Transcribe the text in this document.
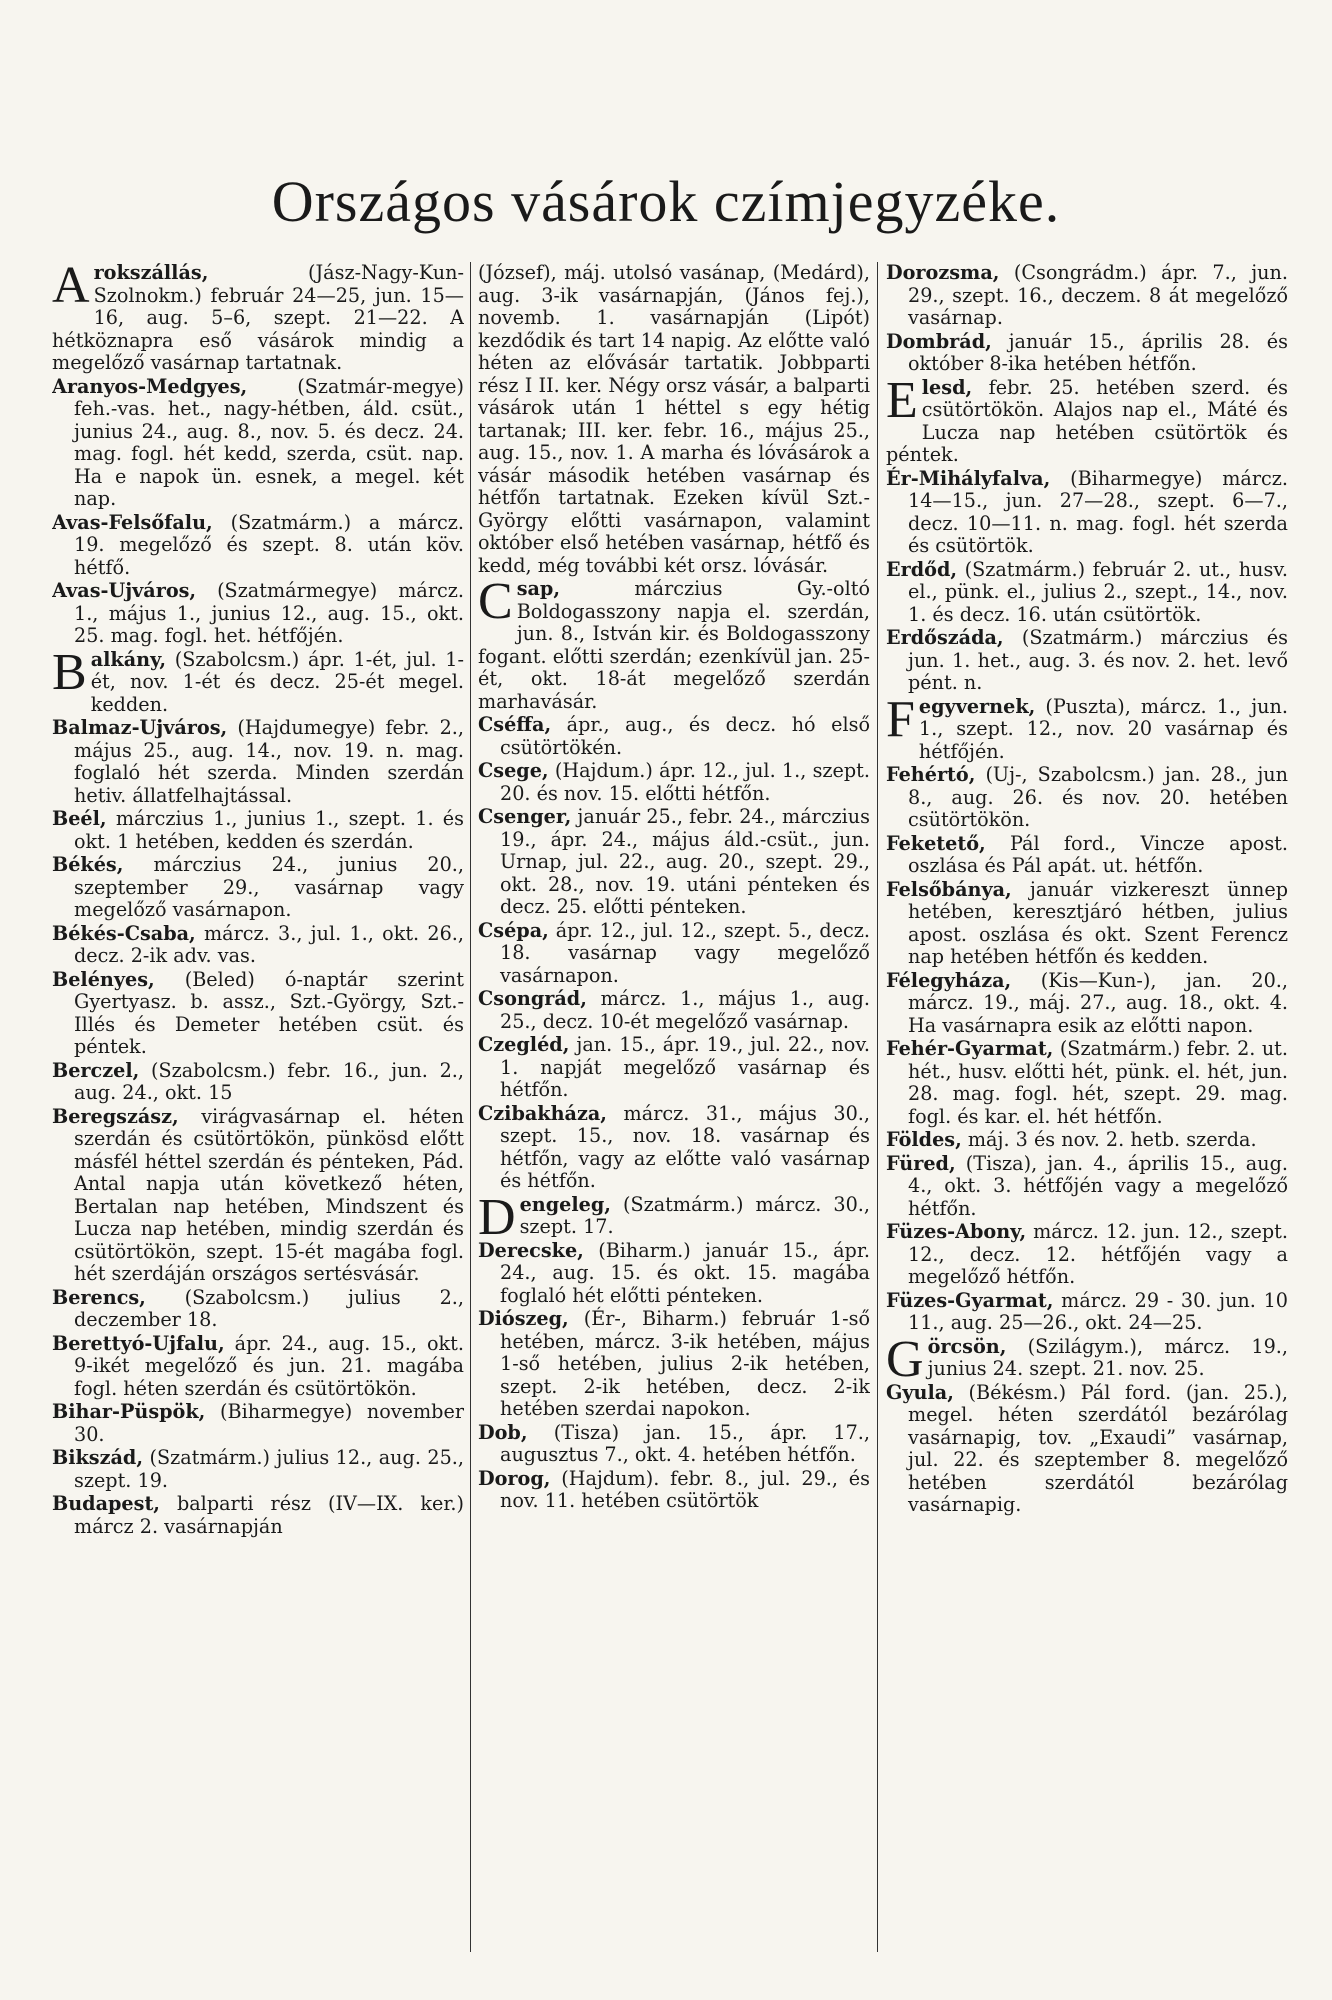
Országos vásárok czímjegyzéke.

Arokszállás, (Jász-Nagy-Kun-Szolnokm.) február 24—25, jun. 15—16, aug. 5–6, szept. 21—22. A hétköznapra eső vásárok mindig a megelőző vasárnap tartatnak.

Aranyos-Medgyes, (Szatmár-megye) feh.-vas. het., nagy-hétben, áld. csüt., junius 24., aug. 8., nov. 5. és decz. 24. mag. fogl. hét kedd, szerda, csüt. nap. Ha e napok ün. esnek, a megel. két nap.

Avas-Felsőfalu, (Szatmárm.) a márcz. 19. megelőző és szept. 8. után köv. hétfő.

Avas-Ujváros, (Szatmármegye) márcz. 1., május 1., junius 12., aug. 15., okt. 25. mag. fogl. het. hétfőjén.

Balkány, (Szabolcsm.) ápr. 1-ét, jul. 1-ét, nov. 1-ét és decz. 25-ét megel. kedden.

Balmaz-Ujváros, (Hajdumegye) febr. 2., május 25., aug. 14., nov. 19. n. mag. foglaló hét szerda. Minden szerdán hetiv. állatfelhajtással.

Beél, márczius 1., junius 1., szept. 1. és okt. 1 hetében, kedden és szerdán.

Békés, márczius 24., junius 20., szeptember 29., vasárnap vagy megelőző vasárnapon.

Békés-Csaba, márcz. 3., jul. 1., okt. 26., decz. 2-ik adv. vas.

Belényes, (Beled) ó-naptár szerint Gyertyasz. b. assz., Szt.-György, Szt.-Illés és Demeter hetében csüt. és péntek.

Berczel, (Szabolcsm.) febr. 16., jun. 2., aug. 24., okt. 15

Beregszász, virágvasárnap el. héten szerdán és csütörtökön, pünkösd előtt másfél héttel szerdán és pénteken, Pád. Antal napja után következő héten, Bertalan nap hetében, Mindszent és Lucza nap hetében, mindig szerdán és csütörtökön, szept. 15-ét magába fogl. hét szerdáján országos sertésvásár.

Berencs, (Szabolcsm.) julius 2., deczember 18.

Berettyó-Ujfalu, ápr. 24., aug. 15., okt. 9-ikét megelőző és jun. 21. magába fogl. héten szerdán és csütörtökön.

Bihar-Püspök, (Biharmegye) november 30.

Bikszád, (Szatmárm.) julius 12., aug. 25., szept. 19.

Budapest, balparti rész (IV—IX. ker.) márcz 2. vasárnapján

(József), máj. utolsó vasánap, (Medárd), aug. 3-ik vasárnapján, (János fej.), novemb. 1. vasárnapján (Lipót) kezdődik és tart 14 napig. Az előtte való héten az elővásár tartatik. Jobbparti rész I II. ker. Négy orsz vásár, a balparti vásárok után 1 héttel s egy hétig tartanak; III. ker. febr. 16., május 25., aug. 15., nov. 1. A marha és lóvásárok a vásár második hetében vasárnap és hétfőn tartatnak. Ezeken kívül Szt.-György előtti vasárnapon, valamint október első hetében vasárnap, hétfő és kedd, még további két orsz. lóvásár.

Csap, márczius Gy.-oltó Boldogasszony napja el. szerdán, jun. 8., István kir. és Boldogasszony fogant. előtti szerdán; ezenkívül jan. 25-ét, okt. 18-át megelőző szerdán marhavásár.

Cséffa, ápr., aug., és decz. hó első csütörtökén.

Csege, (Hajdum.) ápr. 12., jul. 1., szept. 20. és nov. 15. előtti hétfőn.

Csenger, január 25., febr. 24., márczius 19., ápr. 24., május áld.-csüt., jun. Urnap, jul. 22., aug. 20., szept. 29., okt. 28., nov. 19. utáni pénteken és decz. 25. előtti pénteken.

Csépa, ápr. 12., jul. 12., szept. 5., decz. 18. vasárnap vagy megelőző vasárnapon.

Csongrád, márcz. 1., május 1., aug. 25., decz. 10-ét megelőző vasárnap.

Czegléd, jan. 15., ápr. 19., jul. 22., nov. 1. napját megelőző vasárnap és hétfőn.

Czibakháza, márcz. 31., május 30., szept. 15., nov. 18. vasárnap és hétfőn, vagy az előtte való vasárnap és hétfőn.

Dengeleg, (Szatmárm.) márcz. 30., szept. 17.

Derecske, (Biharm.) január 15., ápr. 24., aug. 15. és okt. 15. magába foglaló hét előtti pénteken.

Diószeg, (Ér-, Biharm.) február 1-ső hetében, márcz. 3-ik hetében, május 1-ső hetében, julius 2-ik hetében, szept. 2-ik hetében, decz. 2-ik hetében szerdai napokon.

Dob, (Tisza) jan. 15., ápr. 17., augusztus 7., okt. 4. hetében hétfőn.

Dorog, (Hajdum). febr. 8., jul. 29., és nov. 11. hetében csütörtök

Dorozsma, (Csongrádm.) ápr. 7., jun. 29., szept. 16., deczem. 8 át megelőző vasárnap.

Dombrád, január 15., április 28. és október 8-ika hetében hétfőn.

Elesd, febr. 25. hetében szerd. és csütörtökön. Alajos nap el., Máté és Lucza nap hetében csütörtök és péntek.

Ér-Mihályfalva, (Biharmegye) márcz. 14—15., jun. 27—28., szept. 6—7., decz. 10—11. n. mag. fogl. hét szerda és csütörtök.

Erdőd, (Szatmárm.) február 2. ut., husv. el., pünk. el., julius 2., szept., 14., nov. 1. és decz. 16. után csütörtök.

Erdőszáda, (Szatmárm.) márczius és jun. 1. het., aug. 3. és nov. 2. het. levő pént. n.

Fegyvernek, (Puszta), márcz. 1., jun. 1., szept. 12., nov. 20 vasárnap és hétfőjén.

Fehértó, (Uj-, Szabolcsm.) jan. 28., jun 8., aug. 26. és nov. 20. hetében csütörtökön.

Feketető, Pál ford., Vincze apost. oszlása és Pál apát. ut. hétfőn.

Felsőbánya, január vizkereszt ünnep hetében, keresztjáró hétben, julius apost. oszlása és okt. Szent Ferencz nap hetében hétfőn és kedden.

Félegyháza, (Kis—Kun-), jan. 20., márcz. 19., máj. 27., aug. 18., okt. 4. Ha vasárnapra esik az előtti napon.

Fehér-Gyarmat, (Szatmárm.) febr. 2. ut. hét., husv. előtti hét, pünk. el. hét, jun. 28. mag. fogl. hét, szept. 29. mag. fogl. és kar. el. hét hétfőn.

Földes, máj. 3 és nov. 2. hetb. szerda.

Füred, (Tisza), jan. 4., április 15., aug. 4., okt. 3. hétfőjén vagy a megelőző hétfőn.

Füzes-Abony, márcz. 12. jun. 12., szept. 12., decz. 12. hétfőjén vagy a megelőző hétfőn.

Füzes-Gyarmat, márcz. 29 - 30. jun. 10 11., aug. 25—26., okt. 24—25.

Görcsön, (Szilágym.), márcz. 19., junius 24. szept. 21. nov. 25.

Gyula, (Békésm.) Pál ford. (jan. 25.), megel. héten szerdától bezárólag vasárnapig, tov. „Exaudi” vasárnap, jul. 22. és szeptember 8. megelőző hetében szerdától bezárólag vasárnapig.
